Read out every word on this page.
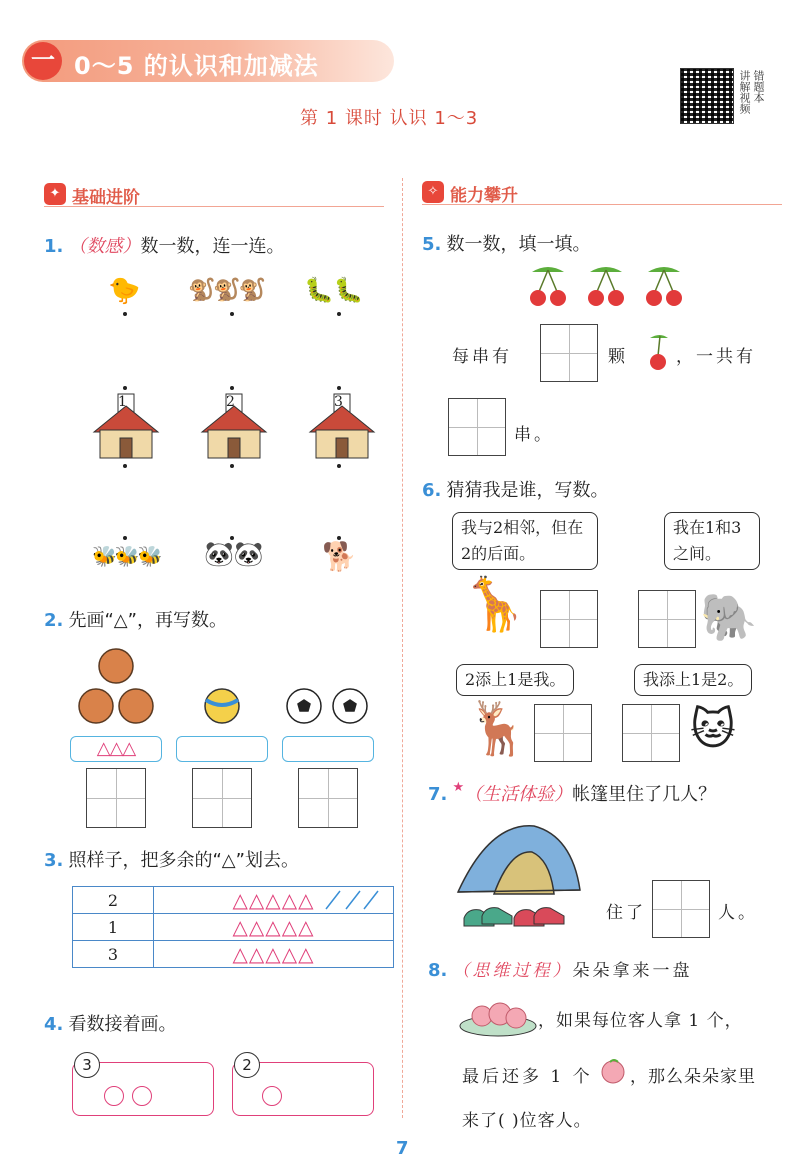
一 0～5 的认识和加减法
第 1 课时 认识 1～3
讲解视频 错题本
✦ 基础进阶	✧ 能力攀升
1. （数感）数一数，连一连。
🐤 🐒🐒🐒 🐛🐛
1	2	3
🐝🐝🐝 🐼🐼 🐕
2. 先画“△”，再写数。
△△△
3. 照样子，把多余的“△”划去。
2	△△△△△

1	△△△△△
3	△△△△△
4. 看数接着画。
3	2
5. 数一数，填一填。
每串有	颗	，一共有
串。
6. 猜猜我是谁，写数。
我与2相邻，但在2的后面。
我在1和3之间。
🦒	🐘
2添上1是我。	我添上1是2。
🦌	🐱
7. ★（生活体验）帐篷里住了几人？
住了	人。
8. （思维过程）朵朵拿来一盘
，如果每位客人拿 1 个，
最后还多 1 个 ，那么朵朵家里
来了( )位客人。
7
